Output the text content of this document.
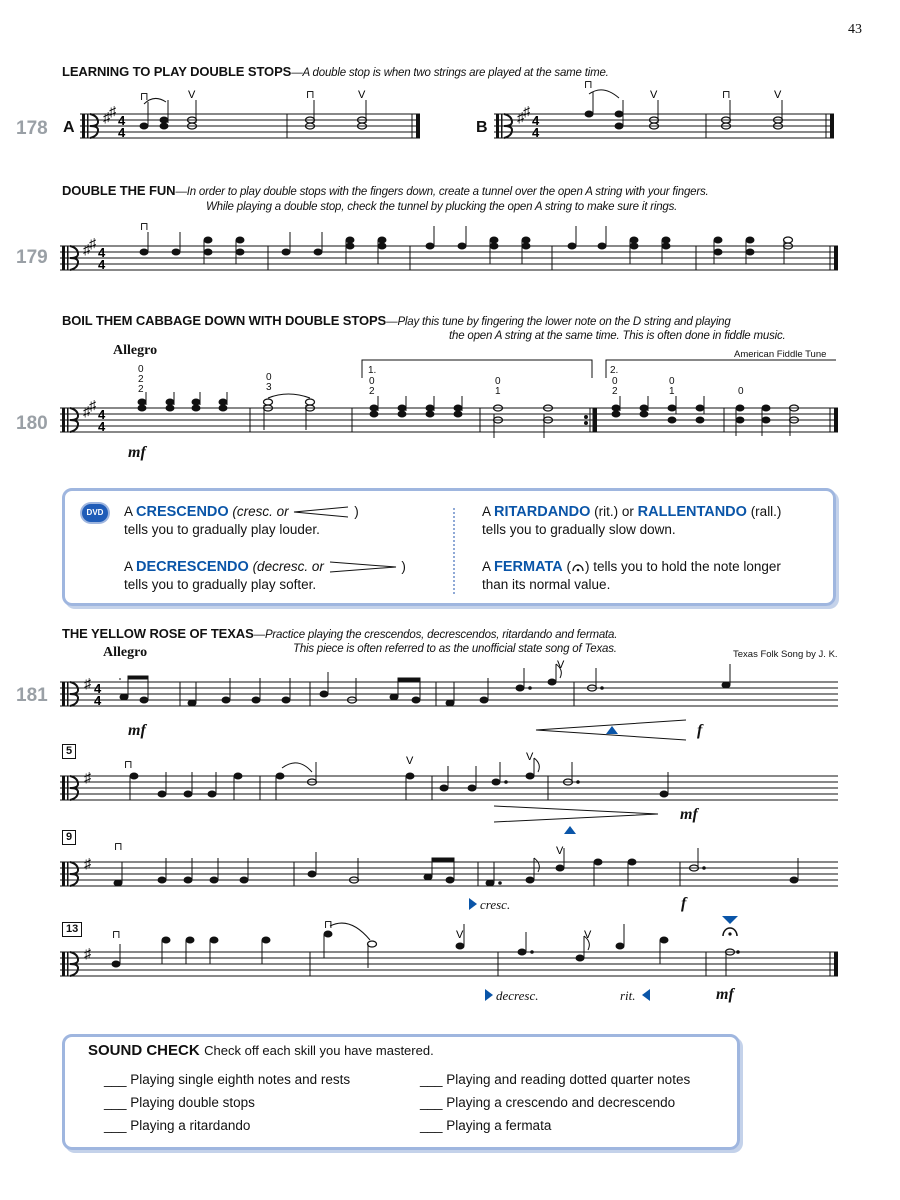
43
LEARNING TO PLAY DOUBLE STOPS—A double stop is when two strings are played at the same time.
178 A	B
♯ ♯
4
4
⊓	V	⊓	V
♯ ♯
4
4
⊓
V	⊓	V
DOUBLE THE FUN—In order to play double stops with the fingers down, create a tunnel over the open A string with your fingers.
While playing a double stop, check the tunnel by plucking the open A string to make sure it rings.
179	♯ ♯
4
4
⊓
BOIL THEM CABBAGE DOWN WITH DOUBLE STOPS—Play this tune by fingering the lower note on the D string and playing
the open A string at the same time. This is often done in fiddle music.
American Fiddle Tune
Allegro
180
mf
1.	2.
♯ ♯
4
4
0
2
2
0
3
0
2
0
1
0
2
0
1	0
DVD	A CRESCENDO (cresc. or	)
tells you to gradually play louder.
A DECRESCENDO (decresc. or	)
tells you to gradually play softer.
A RITARDANDO (rit.) or RALLENTANDO (rall.)
tells you to gradually slow down.
A FERMATA ( ) tells you to hold the note longer
than its normal value.
THE YELLOW ROSE OF TEXAS—Practice playing the crescendos, decrescendos, ritardando and fermata.
This piece is often referred to as the unofficial state song of Texas.	Texas Folk Song by J. K.
Allegro
181
♯ 4
4
V
mf	f
5
♯
⊓	V	V
mf
9
♯
⊓	V
cresc.	f
13
♯
⊓
⊓
V	V
decresc.	rit.	mf
SOUND CHECK Check off each skill you have mastered.
___ Playing single eighth notes and rests
___ Playing double stops
___ Playing a ritardando
___ Playing and reading dotted quarter notes
___ Playing a crescendo and decrescendo
___ Playing a fermata
